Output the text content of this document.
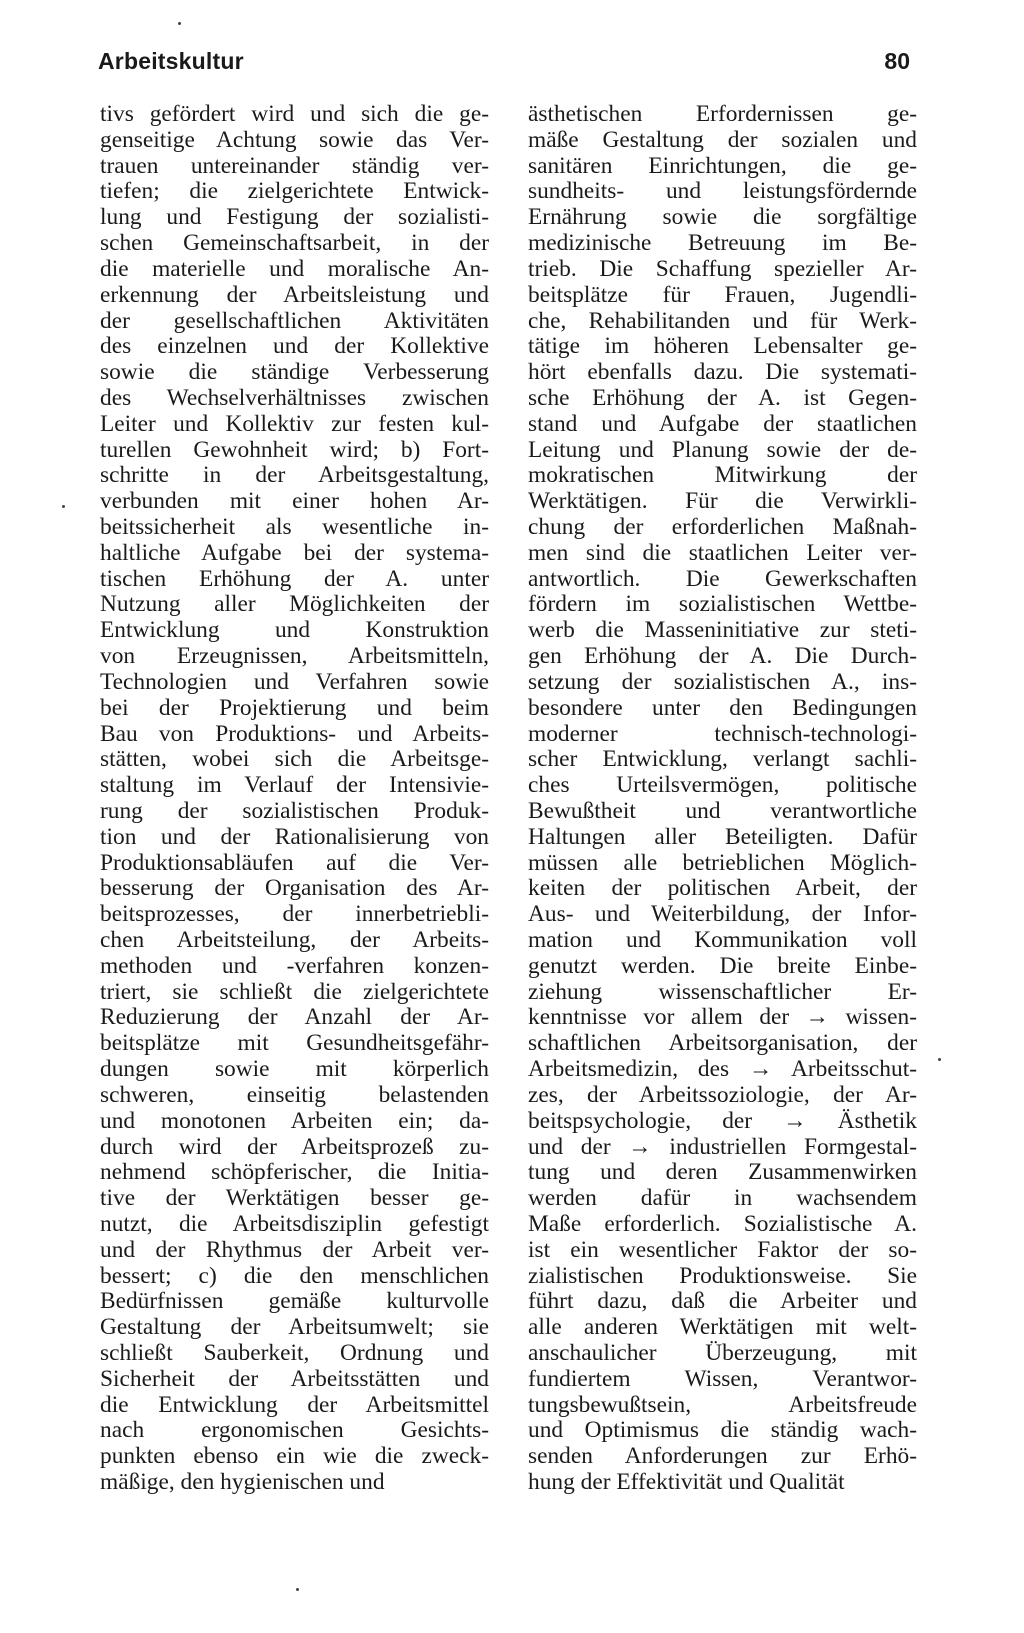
Arbeitskultur	80
tivs gefördert wird und sich die ge-
genseitige Achtung sowie das Ver-
trauen untereinander ständig ver-
tiefen; die zielgerichtete Entwick-
lung und Festigung der sozialisti-
schen Gemeinschaftsarbeit, in der
die materielle und moralische An-
erkennung der Arbeitsleistung und
der gesellschaftlichen Aktivitäten
des einzelnen und der Kollektive
sowie die ständige Verbesserung
des Wechselverhältnisses zwischen
Leiter und Kollektiv zur festen kul-
turellen Gewohnheit wird; b) Fort-
schritte in der Arbeitsgestaltung,
verbunden mit einer hohen Ar-
beitssicherheit als wesentliche in-
haltliche Aufgabe bei der systema-
tischen Erhöhung der A. unter
Nutzung aller Möglichkeiten der
Entwicklung und Konstruktion
von Erzeugnissen, Arbeitsmitteln,
Technologien und Verfahren sowie
bei der Projektierung und beim
Bau von Produktions- und Arbeits-
stätten, wobei sich die Arbeitsge-
staltung im Verlauf der Intensivie-
rung der sozialistischen Produk-
tion und der Rationalisierung von
Produktionsabläufen auf die Ver-
besserung der Organisation des Ar-
beitsprozesses, der innerbetriebli-
chen Arbeitsteilung, der Arbeits-
methoden und -verfahren konzen-
triert, sie schließt die zielgerichtete
Reduzierung der Anzahl der Ar-
beitsplätze mit Gesundheitsgefähr-
dungen sowie mit körperlich
schweren, einseitig belastenden
und monotonen Arbeiten ein; da-
durch wird der Arbeitsprozeß zu-
nehmend schöpferischer, die Initia-
tive der Werktätigen besser ge-
nutzt, die Arbeitsdisziplin gefestigt
und der Rhythmus der Arbeit ver-
bessert; c) die den menschlichen
Bedürfnissen gemäße kulturvolle
Gestaltung der Arbeitsumwelt; sie
schließt Sauberkeit, Ordnung und
Sicherheit der Arbeitsstätten und
die Entwicklung der Arbeitsmittel
nach ergonomischen Gesichts-
punkten ebenso ein wie die zweck-
mäßige, den hygienischen und
ästhetischen Erfordernissen ge-
mäße Gestaltung der sozialen und
sanitären Einrichtungen, die ge-
sundheits- und leistungsfördernde
Ernährung sowie die sorgfältige
medizinische Betreuung im Be-
trieb. Die Schaffung spezieller Ar-
beitsplätze für Frauen, Jugendli-
che, Rehabilitanden und für Werk-
tätige im höheren Lebensalter ge-
hört ebenfalls dazu. Die systemati-
sche Erhöhung der A. ist Gegen-
stand und Aufgabe der staatlichen
Leitung und Planung sowie der de-
mokratischen Mitwirkung der
Werktätigen. Für die Verwirkli-
chung der erforderlichen Maßnah-
men sind die staatlichen Leiter ver-
antwortlich. Die Gewerkschaften
fördern im sozialistischen Wettbe-
werb die Masseninitiative zur steti-
gen Erhöhung der A. Die Durch-
setzung der sozialistischen A., ins-
besondere unter den Bedingungen
moderner technisch-technologi-
scher Entwicklung, verlangt sachli-
ches Urteilsvermögen, politische
Bewußtheit und verantwortliche
Haltungen aller Beteiligten. Dafür
müssen alle betrieblichen Möglich-
keiten der politischen Arbeit, der
Aus- und Weiterbildung, der Infor-
mation und Kommunikation voll
genutzt werden. Die breite Einbe-
ziehung wissenschaftlicher Er-
kenntnisse vor allem der → wissen-
schaftlichen Arbeitsorganisation, der
Arbeitsmedizin, des → Arbeitsschut-
zes, der Arbeitssoziologie, der Ar-
beitspsychologie, der → Ästhetik
und der → industriellen Formgestal-
tung und deren Zusammenwirken
werden dafür in wachsendem
Maße erforderlich. Sozialistische A.
ist ein wesentlicher Faktor der so-
zialistischen Produktionsweise. Sie
führt dazu, daß die Arbeiter und
alle anderen Werktätigen mit welt-
anschaulicher Überzeugung, mit
fundiertem Wissen, Verantwor-
tungsbewußtsein, Arbeitsfreude
und Optimismus die ständig wach-
senden Anforderungen zur Erhö-
hung der Effektivität und Qualität
